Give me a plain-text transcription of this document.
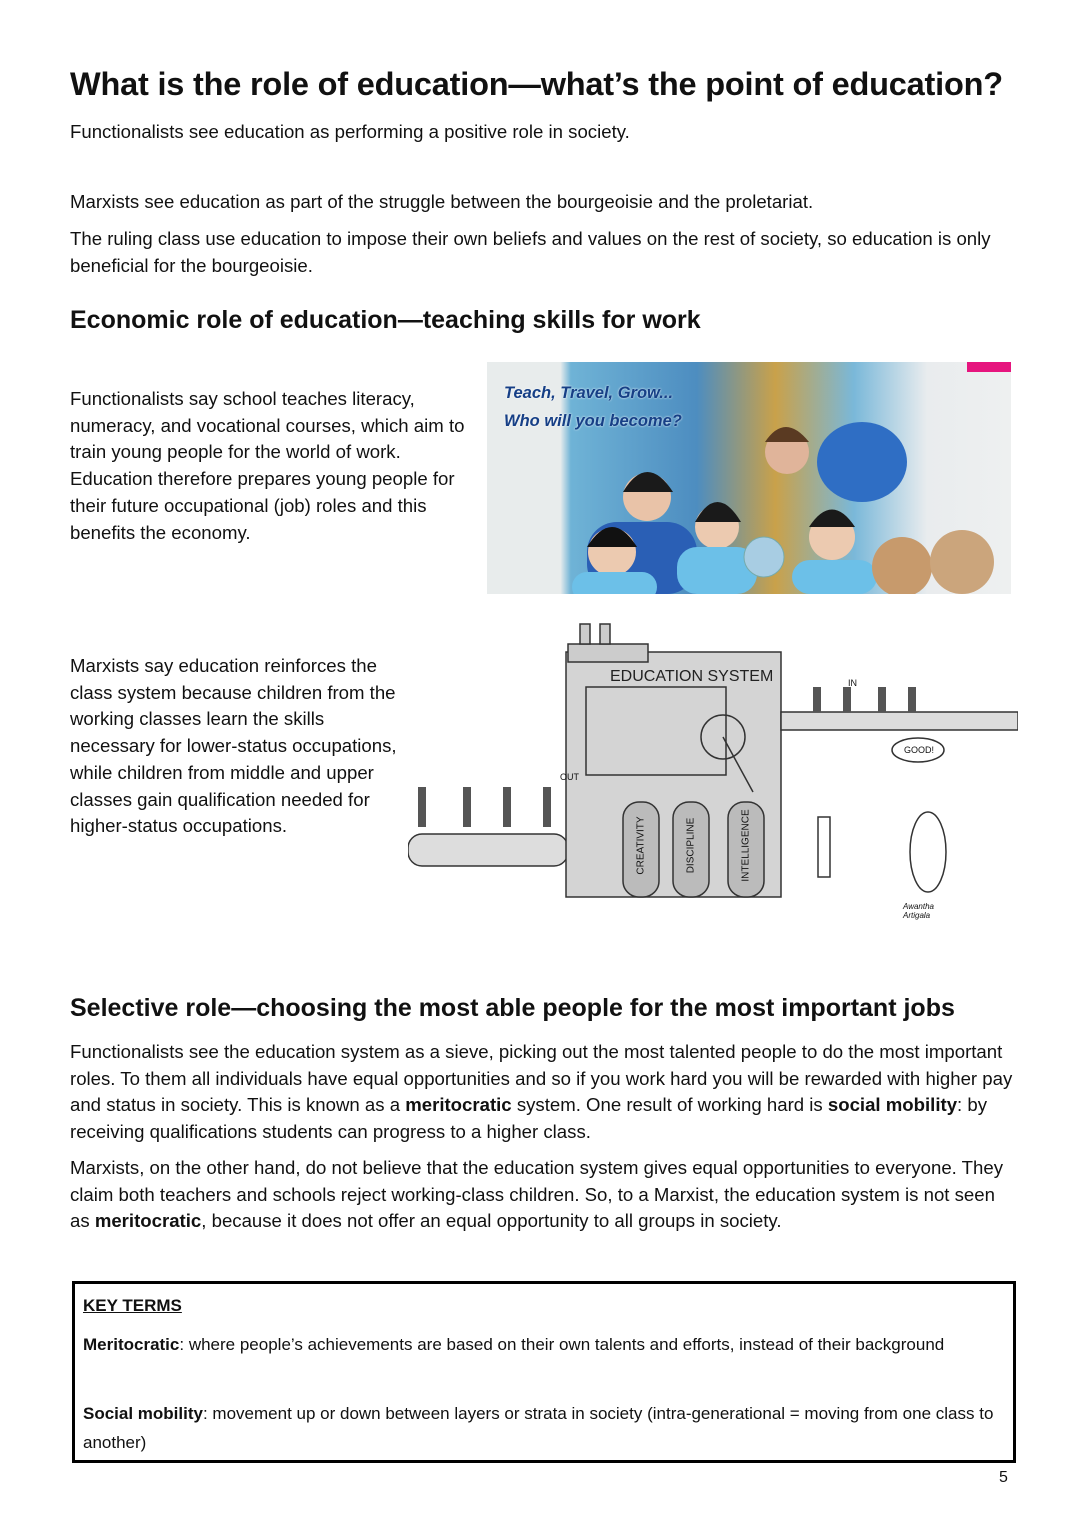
What is the role of education—what’s the point of education?

Functionalists see education as performing a positive role in society.

Marxists see education as part of the struggle between the bourgeoisie and the proletariat.

The ruling class use education to impose their own beliefs and values on the rest of society, so education is only beneficial for the bourgeoisie.

Economic role of education—teaching skills for work

Functionalists say school teaches literacy, numeracy, and vocational courses, which aim to train young people for the world of work. Education therefore prepares young people for their future occupational (job) roles and this benefits the economy.

Teach, Travel, Grow...
Who will you become?

Marxists say education reinforces the class system because children from the working classes learn the skills necessary for lower-status occupations, while children from middle and upper classes gain qualification needed for higher-status occupations.

EDUCATION SYSTEM	IN
OUT
CREATIVITY	DISCIPLINE	INTELLIGENCE
GOOD!
Awantha Artigala
Selective role—choosing the most able people for the most important jobs

Functionalists see the education system as a sieve, picking out the most talented people to do the most important roles. To them all individuals have equal opportunities and so if you work hard you will be rewarded with higher pay and status in society. This is known as a meritocratic system. One result of working hard is social mobility: by receiving qualifications students can progress to a higher class.

Marxists, on the other hand, do not believe that the education system gives equal opportunities to everyone. They claim both teachers and schools reject working-class children. So, to a Marxist, the education system is not seen as meritocratic, because it does not offer an equal opportunity to all groups in society.

KEY TERMS
Meritocratic: where people’s achievements are based on their own talents and efforts, instead of their background
Social mobility: movement up or down between layers or strata in society (intra-generational = moving from one class to another)
5
